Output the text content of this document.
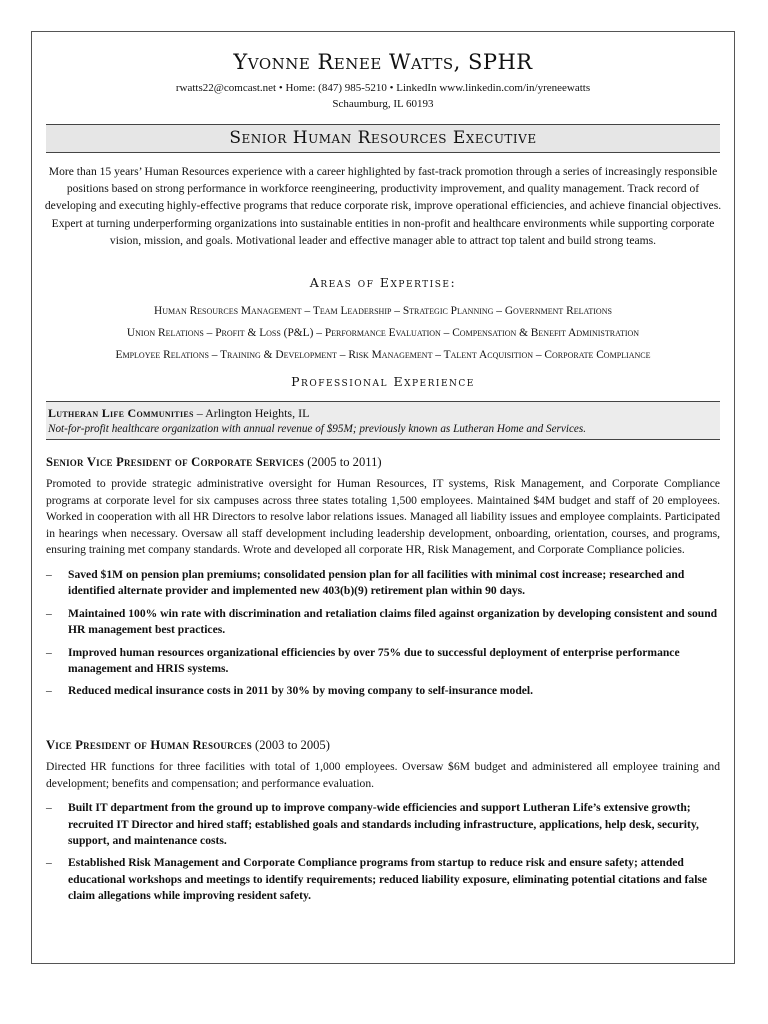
Yvonne Renee Watts, SPHR
rwatts22@comcast.net • Home: (847) 985-5210 • LinkedIn www.linkedin.com/in/yreneewatts
Schaumburg, IL 60193
Senior Human Resources Executive
More than 15 years’ Human Resources experience with a career highlighted by fast-track promotion through a series of increasingly responsible positions based on strong performance in workforce reengineering, productivity improvement, and quality management. Track record of developing and executing highly-effective programs that reduce corporate risk, improve operational efficiencies, and achieve financial objectives. Expert at turning underperforming organizations into sustainable entities in non-profit and healthcare environments while supporting corporate vision, mission, and goals. Motivational leader and effective manager able to attract top talent and build strong teams.
Areas of Expertise:
Human Resources Management – Team Leadership – Strategic Planning – Government Relations
Union Relations – Profit & Loss (P&L) – Performance Evaluation – Compensation & Benefit Administration
Employee Relations – Training & Development – Risk Management – Talent Acquisition – Corporate Compliance
Professional Experience
Lutheran Life Communities – Arlington Heights, IL
Not-for-profit healthcare organization with annual revenue of $95M; previously known as Lutheran Home and Services.
Senior Vice President of Corporate Services (2005 to 2011)
Promoted to provide strategic administrative oversight for Human Resources, IT systems, Risk Management, and Corporate Compliance programs at corporate level for six campuses across three states totaling 1,500 employees. Maintained $4M budget and staff of 20 employees. Worked in cooperation with all HR Directors to resolve labor relations issues. Managed all liability issues and employee complaints. Participated in hearings when necessary. Oversaw all staff development including leadership development, onboarding, orientation, courses, and programs, ensuring training met company standards. Wrote and developed all corporate HR, Risk Management, and Corporate Compliance policies.
– Saved $1M on pension plan premiums; consolidated pension plan for all facilities with minimal cost increase; researched and identified alternate provider and implemented new 403(b)(9) retirement plan within 90 days.
– Maintained 100% win rate with discrimination and retaliation claims filed against organization by developing consistent and sound HR management best practices.
– Improved human resources organizational efficiencies by over 75% due to successful deployment of enterprise performance management and HRIS systems.
– Reduced medical insurance costs in 2011 by 30% by moving company to self-insurance model.
Vice President of Human Resources (2003 to 2005)
Directed HR functions for three facilities with total of 1,000 employees. Oversaw $6M budget and administered all employee training and development; benefits and compensation; and performance evaluation.
– Built IT department from the ground up to improve company-wide efficiencies and support Lutheran Life’s extensive growth; recruited IT Director and hired staff; established goals and standards including infrastructure, applications, help desk, security, support, and maintenance costs.
– Established Risk Management and Corporate Compliance programs from startup to reduce risk and ensure safety; attended educational workshops and meetings to identify requirements; reduced liability exposure, eliminating potential citations and false claim allegations while improving resident safety.
